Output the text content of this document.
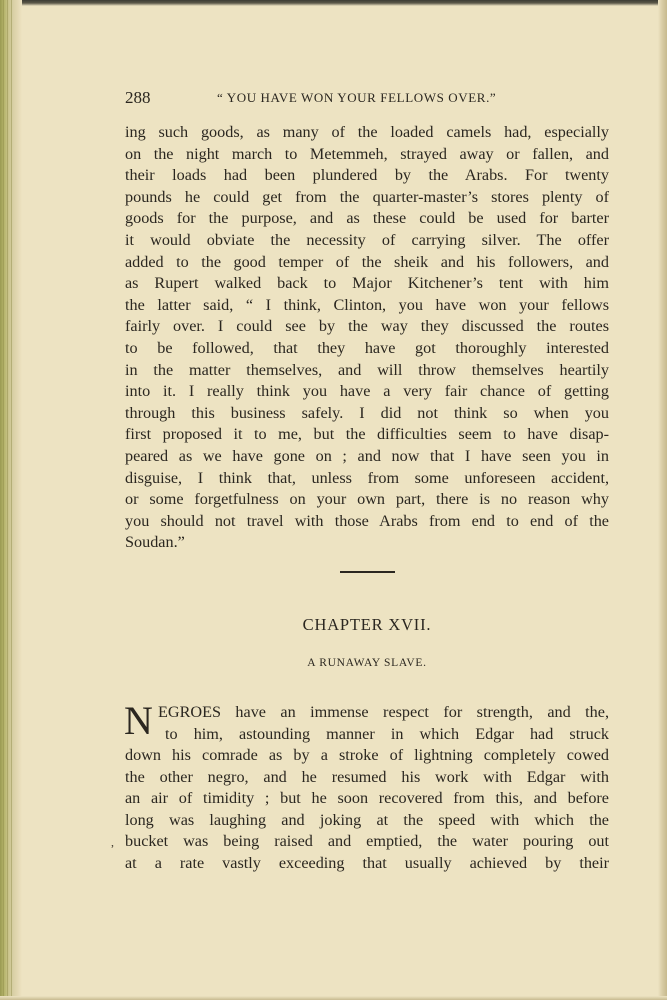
288	“ YOU HAVE WON YOUR FELLOWS OVER.”
ing such goods, as many of the loaded camels had, especially
on the night march to Metemmeh, strayed away or fallen, and
their loads had been plundered by the Arabs. For twenty
pounds he could get from the quarter-master’s stores plenty of
goods for the purpose, and as these could be used for barter
it would obviate the necessity of carrying silver. The offer
added to the good temper of the sheik and his followers, and
as Rupert walked back to Major Kitchener’s tent with him
the latter said, “ I think, Clinton, you have won your fellows
fairly over. I could see by the way they discussed the routes
to be followed, that they have got thoroughly interested
in the matter themselves, and will throw themselves heartily
into it. I really think you have a very fair chance of getting
through this business safely. I did not think so when you
first proposed it to me, but the difficulties seem to have disap-
peared as we have gone on ; and now that I have seen you in
disguise, I think that, unless from some unforeseen accident,
or some forgetfulness on your own part, there is no reason why
you should not travel with those Arabs from end to end of the
Soudan.”
CHAPTER XVII.
A RUNAWAY SLAVE.
N EGROES have an immense respect for strength, and the,
to him, astounding manner in which Edgar had struck
down his comrade as by a stroke of lightning completely cowed
the other negro, and he resumed his work with Edgar with
an air of timidity ; but he soon recovered from this, and before
long was laughing and joking at the speed with which the
bucket was being raised and emptied, the water pouring out
at a rate vastly exceeding that usually achieved by their
,
